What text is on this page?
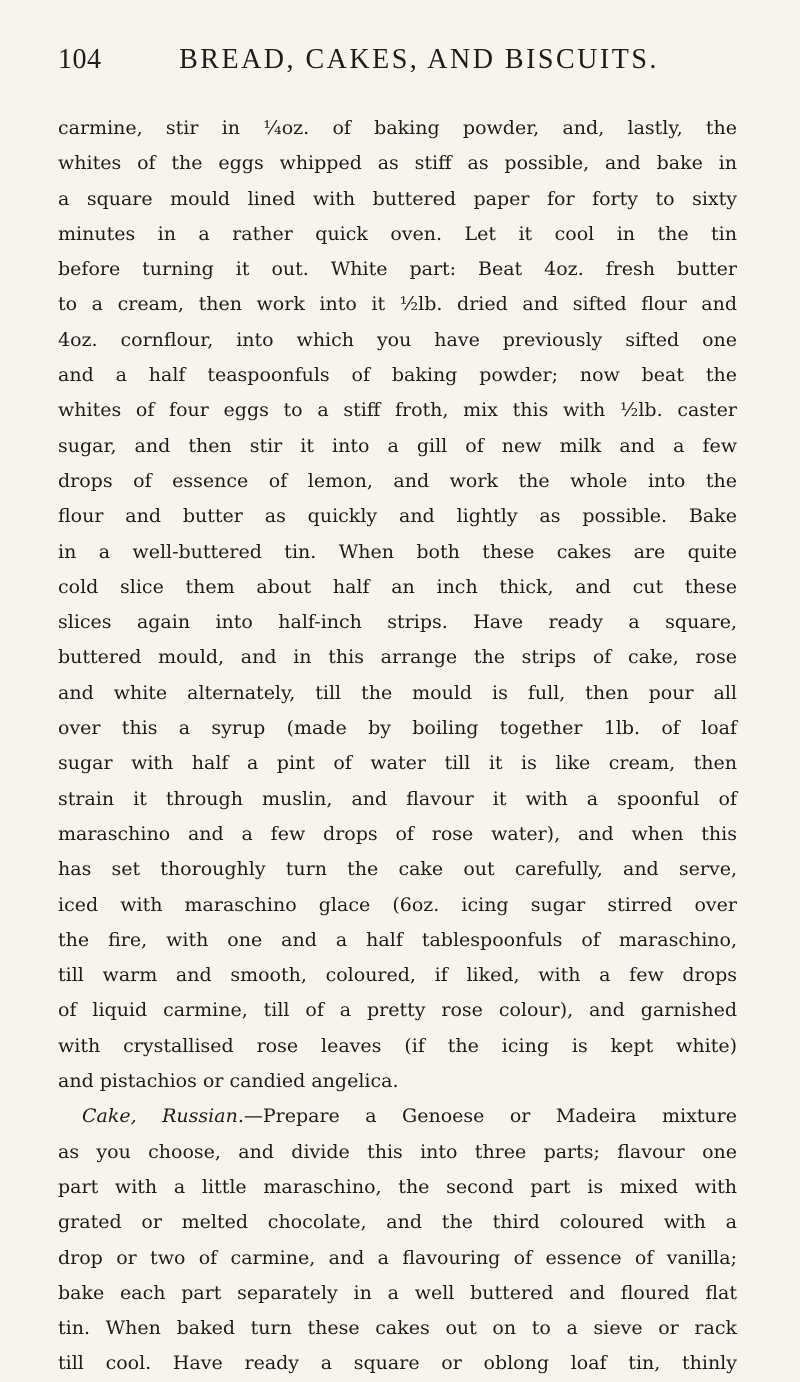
104	BREAD, CAKES, AND BISCUITS.
carmine, stir in ¼oz. of baking powder, and, lastly, the
whites of the eggs whipped as stiff as possible, and bake in
a square mould lined with buttered paper for forty to sixty
minutes in a rather quick oven. Let it cool in the tin
before turning it out. White part: Beat 4oz. fresh butter
to a cream, then work into it ½lb. dried and sifted flour and
4oz. cornflour, into which you have previously sifted one
and a half teaspoonfuls of baking powder; now beat the
whites of four eggs to a stiff froth, mix this with ½lb. caster
sugar, and then stir it into a gill of new milk and a few
drops of essence of lemon, and work the whole into the
flour and butter as quickly and lightly as possible. Bake
in a well-buttered tin. When both these cakes are quite
cold slice them about half an inch thick, and cut these
slices again into half-inch strips. Have ready a square,
buttered mould, and in this arrange the strips of cake, rose
and white alternately, till the mould is full, then pour all
over this a syrup (made by boiling together 1lb. of loaf
sugar with half a pint of water till it is like cream, then
strain it through muslin, and flavour it with a spoonful of
maraschino and a few drops of rose water), and when this
has set thoroughly turn the cake out carefully, and serve,
iced with maraschino glace (6oz. icing sugar stirred over
the fire, with one and a half tablespoonfuls of maraschino,
till warm and smooth, coloured, if liked, with a few drops
of liquid carmine, till of a pretty rose colour), and garnished
with crystallised rose leaves (if the icing is kept white)
and pistachios or candied angelica.
Cake, Russian.—Prepare a Genoese or Madeira mixture
as you choose, and divide this into three parts; flavour one
part with a little maraschino, the second part is mixed with
grated or melted chocolate, and the third coloured with a
drop or two of carmine, and a flavouring of essence of vanilla;
bake each part separately in a well buttered and floured flat
tin. When baked turn these cakes out on to a sieve or rack
till cool. Have ready a square or oblong loaf tin, thinly
